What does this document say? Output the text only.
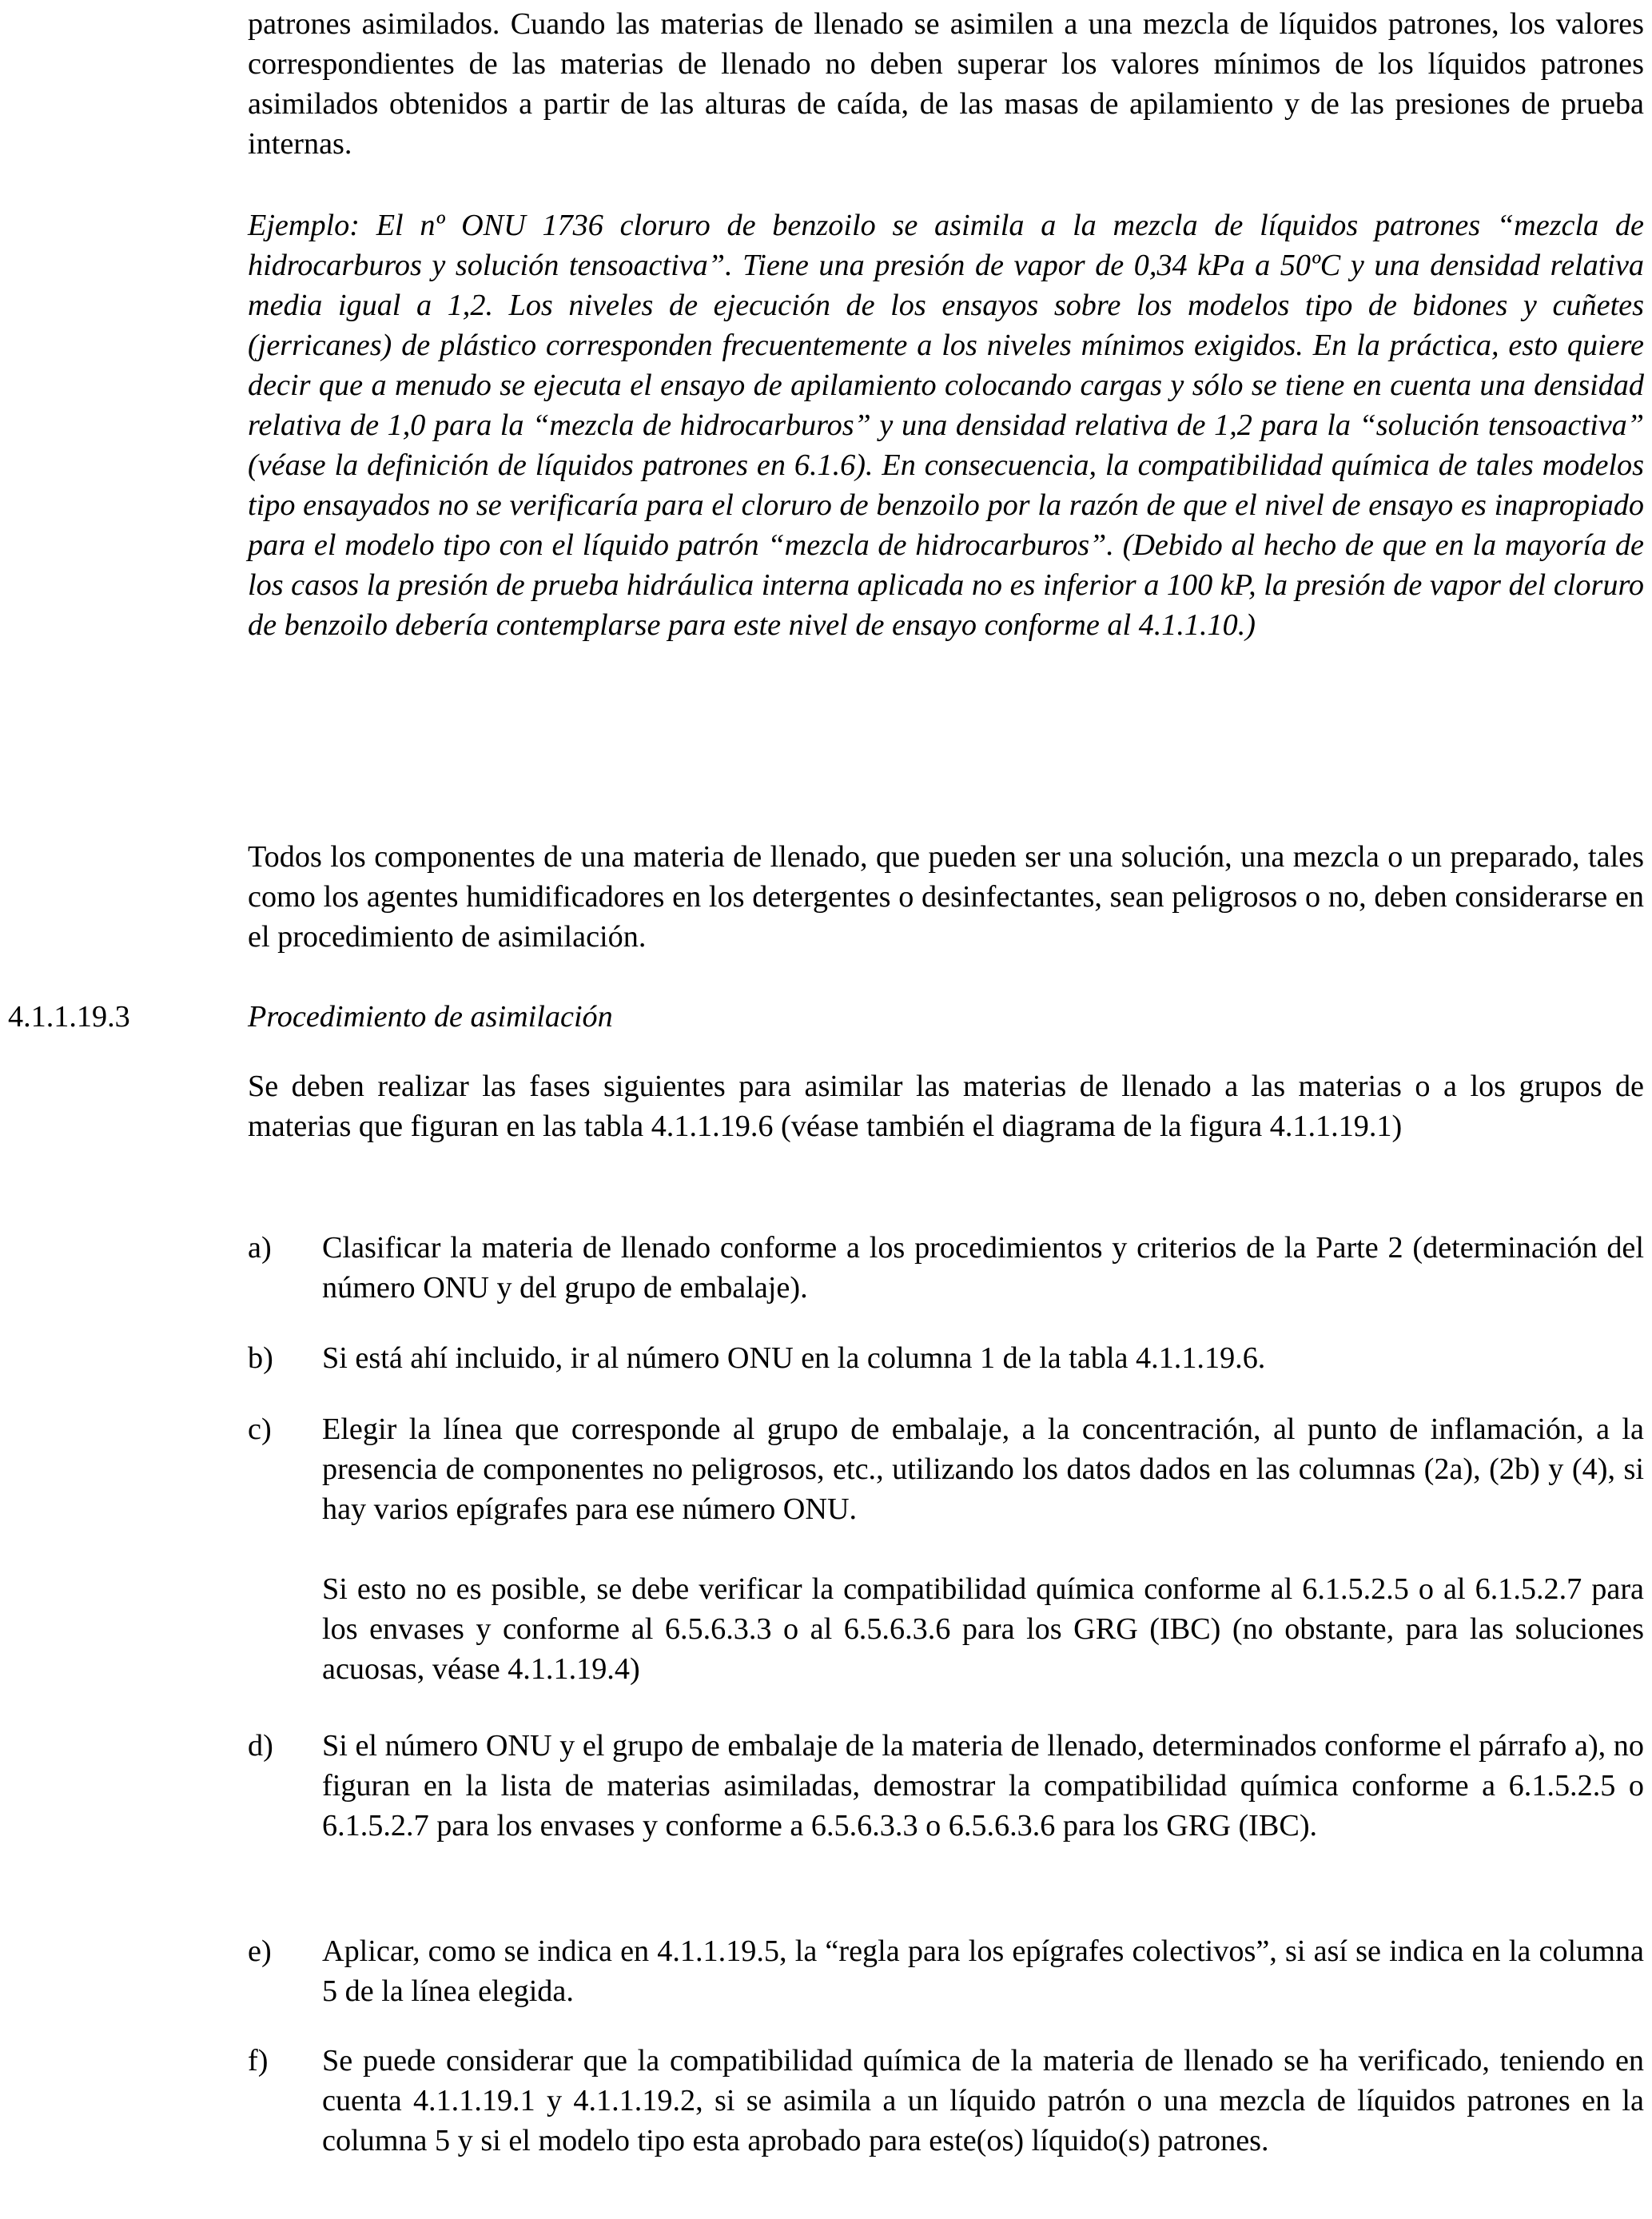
patrones asimilados. Cuando las materias de llenado se asimilen a una mezcla de líquidos patrones, los valores correspondientes de las materias de llenado no deben superar los valores mínimos de los líquidos patrones asimilados obtenidos a partir de las alturas de caída, de las masas de apilamiento y de las presiones de prueba internas.

Ejemplo: El nº ONU 1736 cloruro de benzoilo se asimila a la mezcla de líquidos patrones “mezcla de hidrocarburos y solución tensoactiva”. Tiene una presión de vapor de 0,34 kPa a 50ºC y una densidad relativa media igual a 1,2. Los niveles de ejecución de los ensayos sobre los modelos tipo de bidones y cuñetes (jerricanes) de plástico corresponden frecuentemente a los niveles mínimos exigidos. En la práctica, esto quiere decir que a menudo se ejecuta el ensayo de apilamiento colocando cargas y sólo se tiene en cuenta una densidad relativa de 1,0 para la “mezcla de hidrocarburos” y una densidad relativa de 1,2 para la “solución tensoactiva” (véase la definición de líquidos patrones en 6.1.6). En consecuencia, la compatibilidad química de tales modelos tipo ensayados no se verificaría para el cloruro de benzoilo por la razón de que el nivel de ensayo es inapropiado para el modelo tipo con el líquido patrón “mezcla de hidrocarburos”. (Debido al hecho de que en la mayoría de los casos la presión de prueba hidráulica interna aplicada no es inferior a 100 kP, la presión de vapor del cloruro de benzoilo debería contemplarse para este nivel de ensayo conforme al 4.1.1.10.)

Todos los componentes de una materia de llenado, que pueden ser una solución, una mezcla o un preparado, tales como los agentes humidificadores en los detergentes o desinfectantes, sean peligrosos o no, deben considerarse en el procedimiento de asimilación.

4.1.1.19.3	Procedimiento de asimilación

Se deben realizar las fases siguientes para asimilar las materias de llenado a las materias o a los grupos de materias que figuran en las tabla 4.1.1.19.6 (véase también el diagrama de la figura 4.1.1.19.1)

a)	Clasificar la materia de llenado conforme a los procedimientos y criterios de la Parte 2 (determinación del número ONU y del grupo de embalaje).
b)	Si está ahí incluido, ir al número ONU en la columna 1 de la tabla 4.1.1.19.6.
c)	Elegir la línea que corresponde al grupo de embalaje, a la concentración, al punto de inflamación, a la presencia de componentes no peligrosos, etc., utilizando los datos dados en las columnas (2a), (2b) y (4), si hay varios epígrafes para ese número ONU.
Si esto no es posible, se debe verificar la compatibilidad química conforme al 6.1.5.2.5 o al 6.1.5.2.7 para los envases y conforme al 6.5.6.3.3 o al 6.5.6.3.6 para los GRG (IBC) (no obstante, para las soluciones acuosas, véase 4.1.1.19.4)
d)	Si el número ONU y el grupo de embalaje de la materia de llenado, determinados conforme el párrafo a), no figuran en la lista de materias asimiladas, demostrar la compatibilidad química conforme a 6.1.5.2.5 o 6.1.5.2.7 para los envases y conforme a 6.5.6.3.3 o 6.5.6.3.6 para los GRG (IBC).
e)	Aplicar, como se indica en 4.1.1.19.5, la “regla para los epígrafes colectivos”, si así se indica en la columna 5 de la línea elegida.
f)	Se puede considerar que la compatibilidad química de la materia de llenado se ha verificado, teniendo en cuenta 4.1.1.19.1 y 4.1.1.19.2, si se asimila a un líquido patrón o una mezcla de líquidos patrones en la columna 5 y si el modelo tipo esta aprobado para este(os) líquido(s) patrones.
